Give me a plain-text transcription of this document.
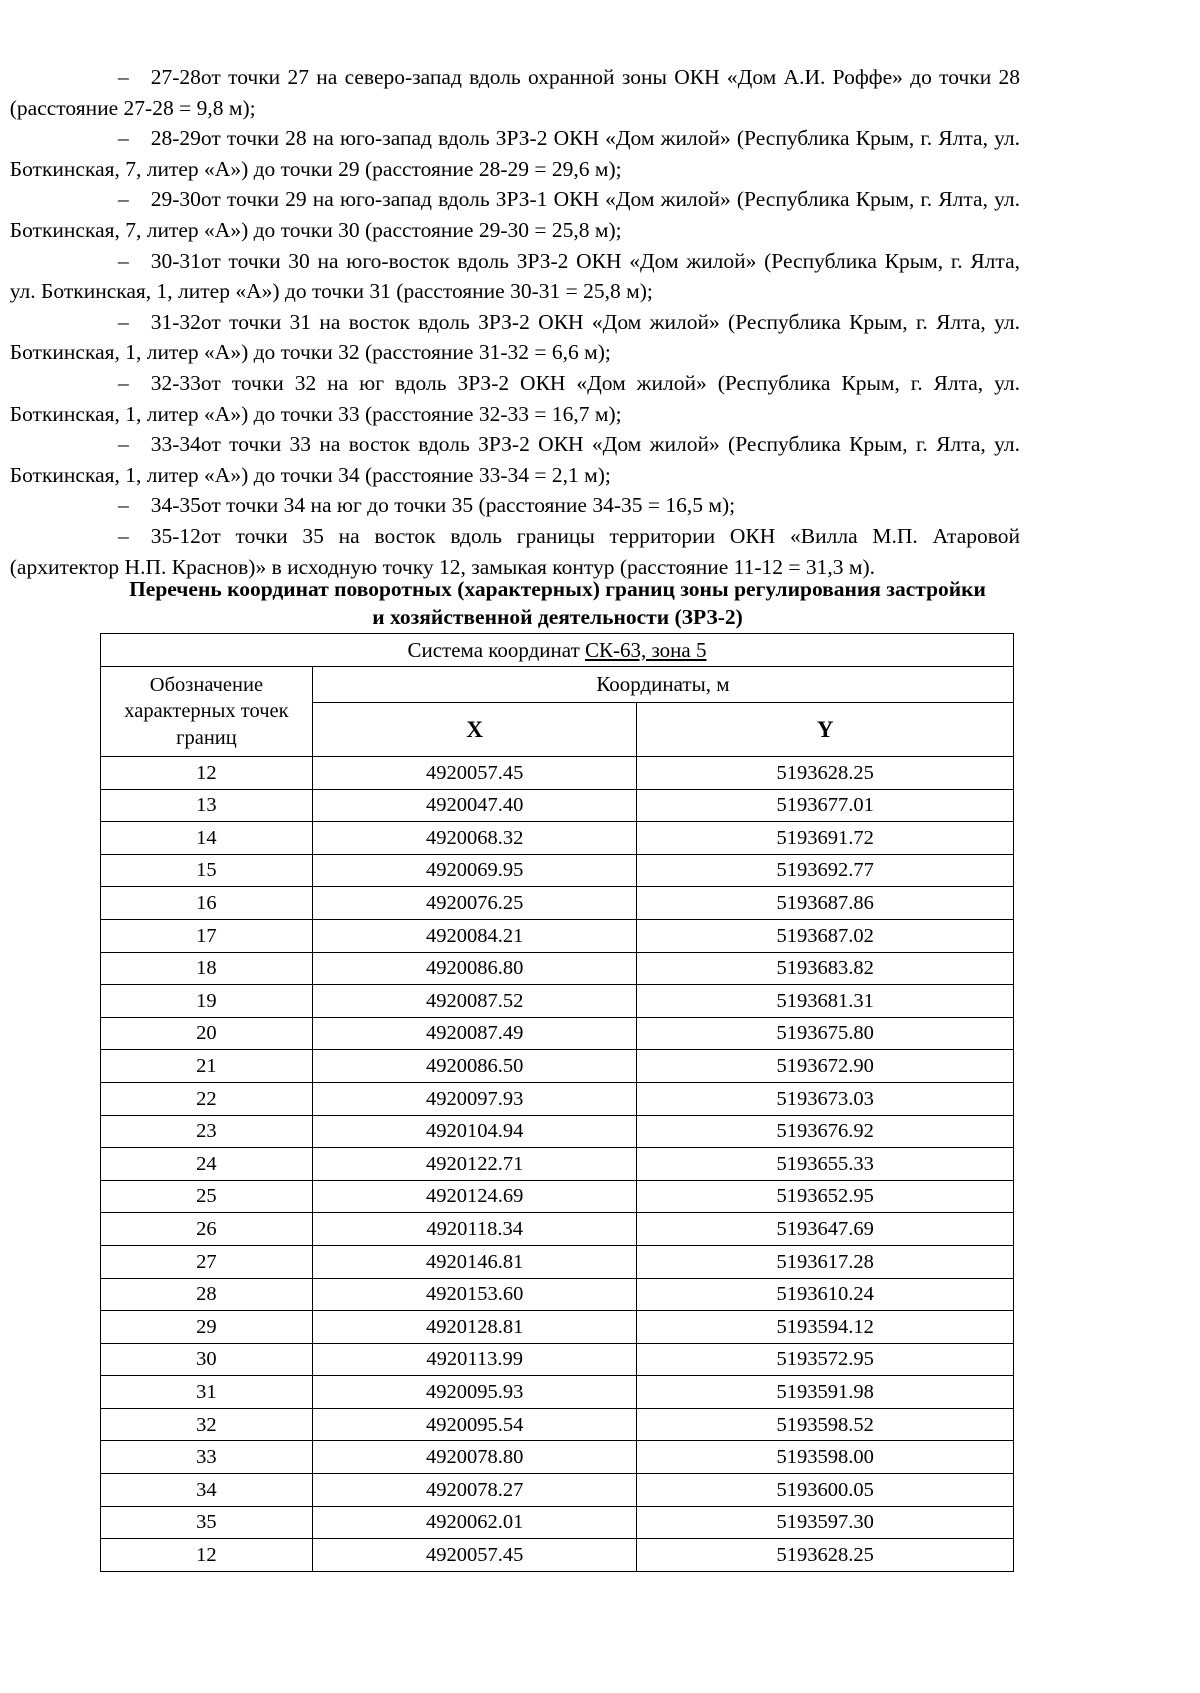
–	27-28от точки 27 на северо-запад вдоль охранной зоны ОКН «Дом А.И. Роффе» до точки 28 (расстояние 27-28 = 9,8 м);
–	28-29от точки 28 на юго-запад вдоль ЗРЗ-2 ОКН «Дом жилой» (Республика Крым, г. Ялта, ул. Боткинская, 7, литер «А») до точки 29 (расстояние 28-29 = 29,6 м);
–	29-30от точки 29 на юго-запад вдоль ЗРЗ-1 ОКН «Дом жилой» (Республика Крым, г. Ялта, ул. Боткинская, 7, литер «А») до точки 30 (расстояние 29-30 = 25,8 м);
–	30-31от точки 30 на юго-восток вдоль ЗРЗ-2 ОКН «Дом жилой» (Республика Крым, г. Ялта, ул. Боткинская, 1, литер «А») до точки 31 (расстояние 30-31 = 25,8 м);
–	31-32от точки 31 на восток вдоль ЗРЗ-2 ОКН «Дом жилой» (Республика Крым, г. Ялта, ул. Боткинская, 1, литер «А») до точки 32 (расстояние 31-32 = 6,6 м);
–	32-33от точки 32 на юг вдоль ЗРЗ-2 ОКН «Дом жилой» (Республика Крым, г. Ялта, ул. Боткинская, 1, литер «А») до точки 33 (расстояние 32-33 = 16,7 м);
–	33-34от точки 33 на восток вдоль ЗРЗ-2 ОКН «Дом жилой» (Республика Крым, г. Ялта, ул. Боткинская, 1, литер «А») до точки 34 (расстояние 33-34 = 2,1 м);
–	34-35от точки 34 на юг до точки 35 (расстояние 34-35 = 16,5 м);
–	35-12от точки 35 на восток вдоль границы территории ОКН «Вилла М.П. Атаровой (архитектор Н.П. Краснов)» в исходную точку 12, замыкая контур (расстояние 11-12 = 31,3 м).
Перечень координат поворотных (характерных) границ зоны регулирования застройки
и хозяйственной деятельности (ЗРЗ-2)
Система координат СК-63, зона 5		
Обозначение характерных точек границ	Координаты, м	
	X	Y
12	4920057.45	5193628.25
13	4920047.40	5193677.01
14	4920068.32	5193691.72
15	4920069.95	5193692.77
16	4920076.25	5193687.86
17	4920084.21	5193687.02
18	4920086.80	5193683.82
19	4920087.52	5193681.31
20	4920087.49	5193675.80
21	4920086.50	5193672.90
22	4920097.93	5193673.03
23	4920104.94	5193676.92
24	4920122.71	5193655.33
25	4920124.69	5193652.95
26	4920118.34	5193647.69
27	4920146.81	5193617.28
28	4920153.60	5193610.24
29	4920128.81	5193594.12
30	4920113.99	5193572.95
31	4920095.93	5193591.98
32	4920095.54	5193598.52
33	4920078.80	5193598.00
34	4920078.27	5193600.05
35	4920062.01	5193597.30
12	4920057.45	5193628.25
